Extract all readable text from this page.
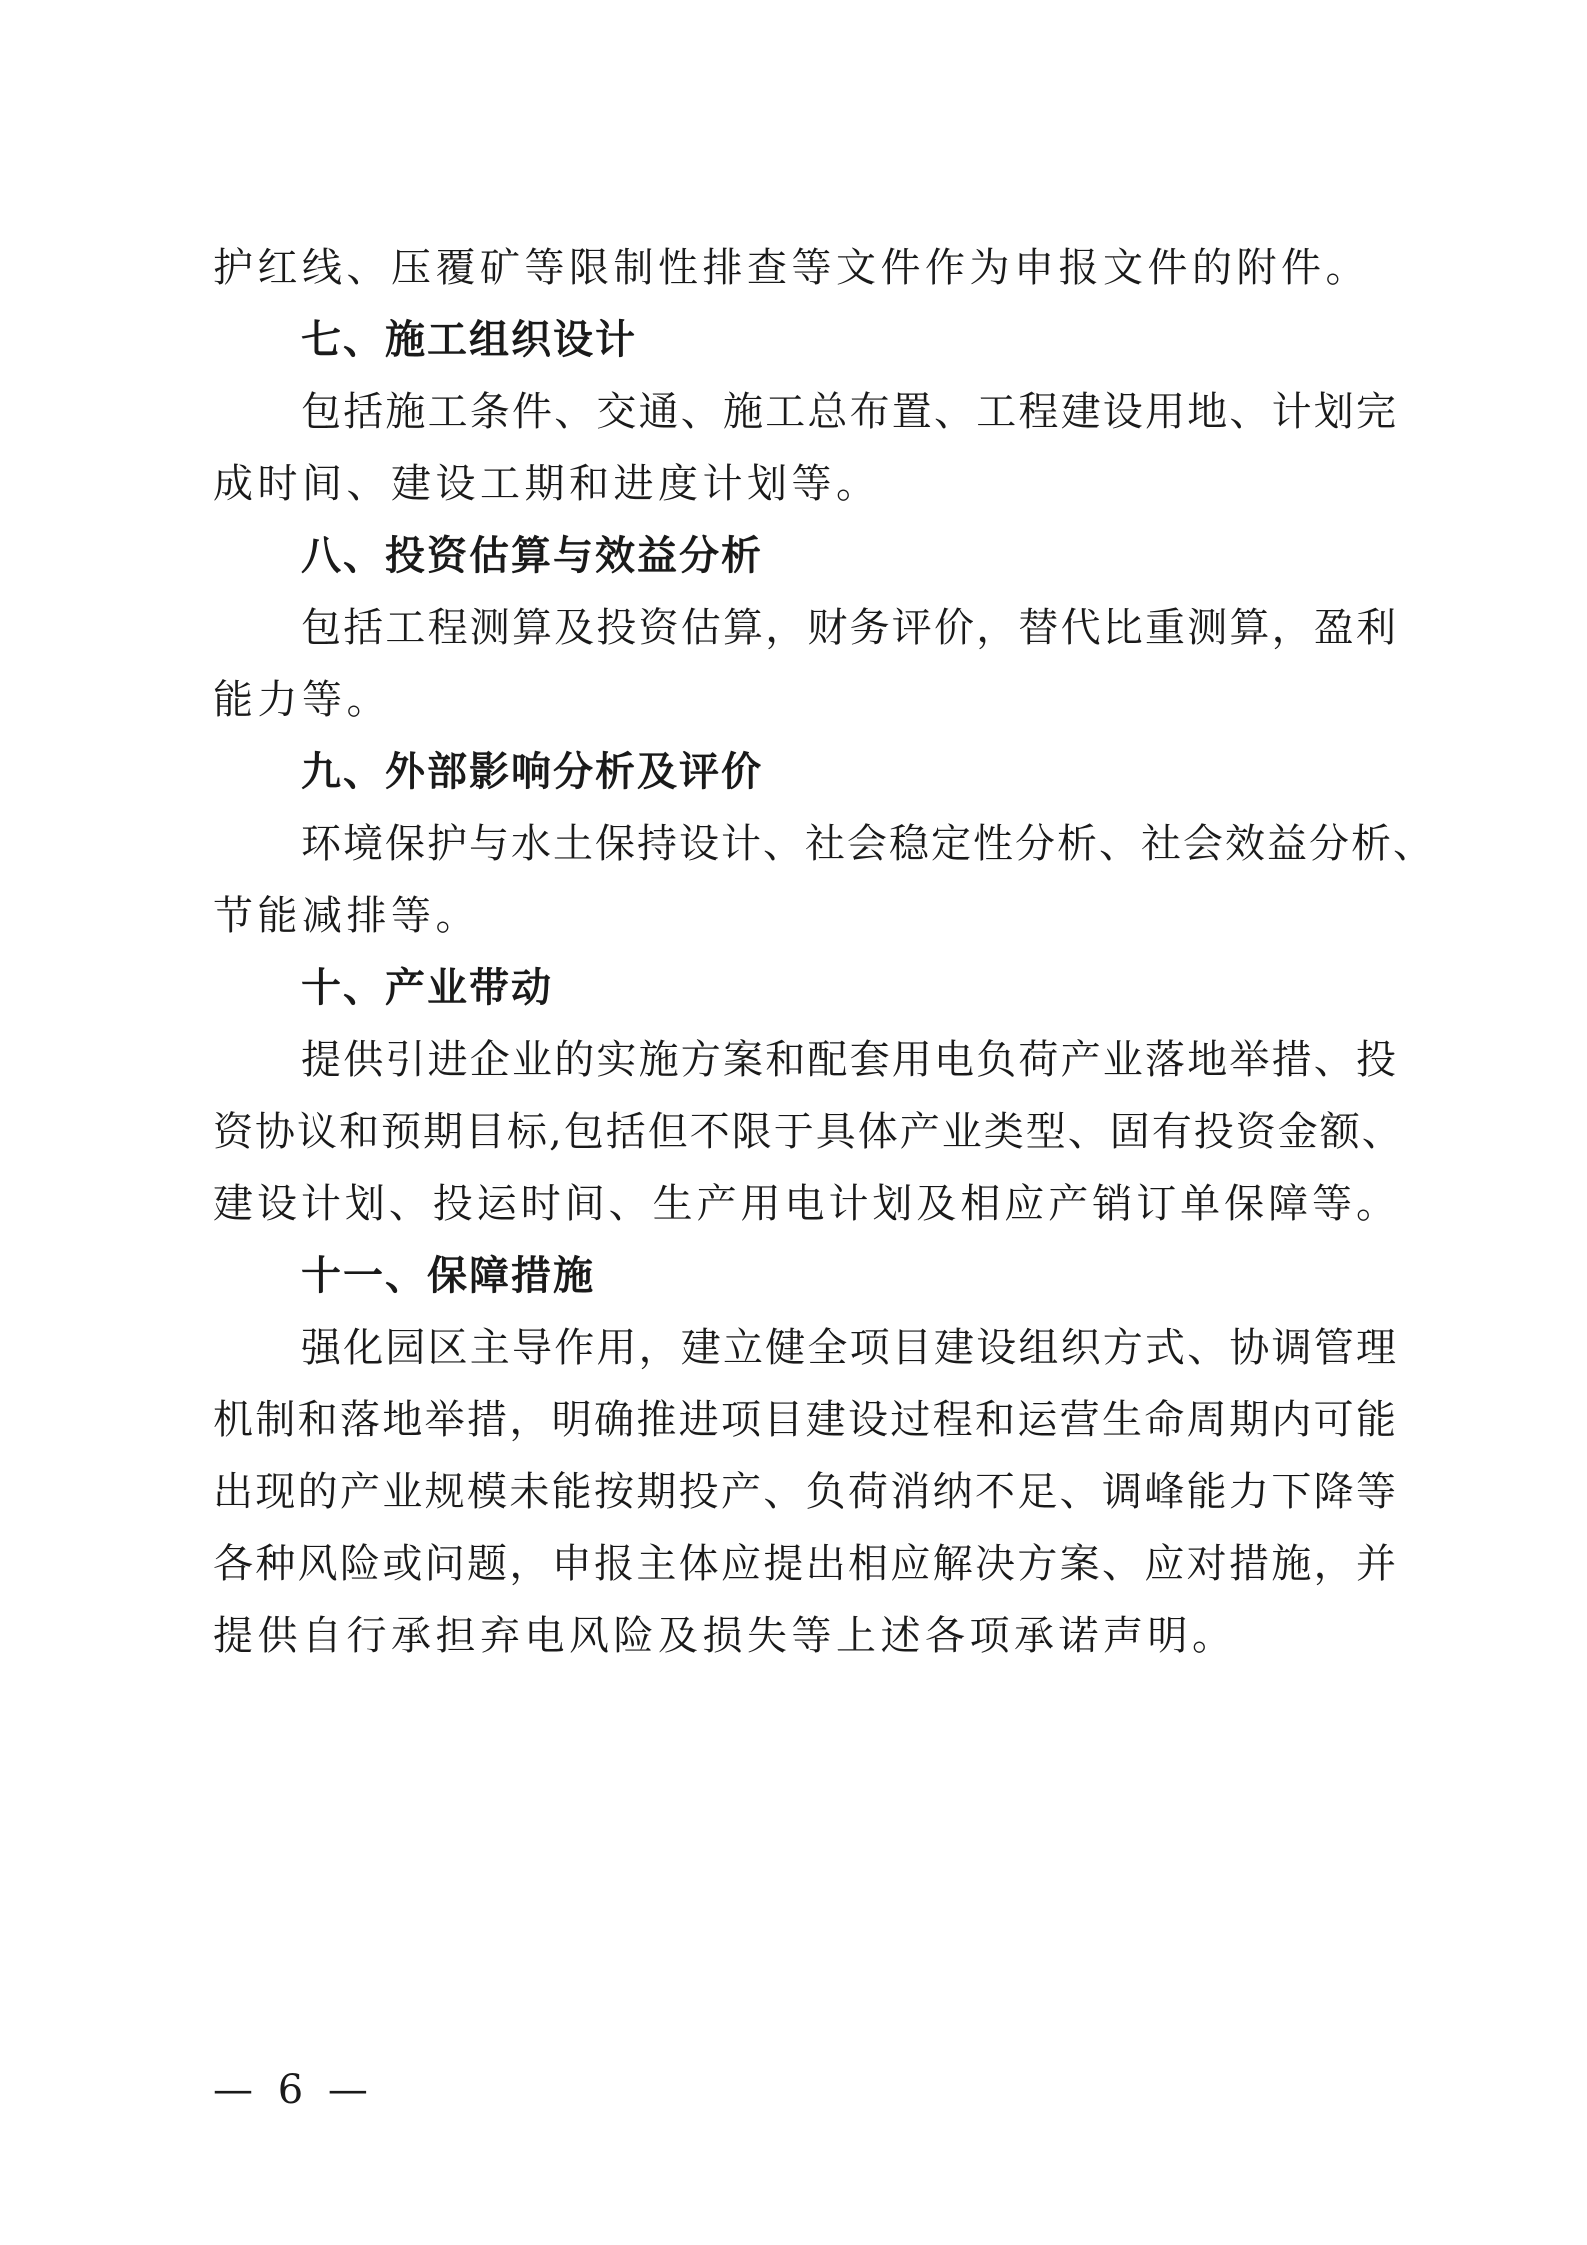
护红线、压覆矿等限制性排查等文件作为申报文件的附件。
七、施工组织设计
包括施工条件、交通、施工总布置、工程建设用地、计划完
成时间、建设工期和进度计划等。
八、投资估算与效益分析
包括工程测算及投资估算，财务评价，替代比重测算，盈利
能力等。
九、外部影响分析及评价
环境保护与水土保持设计、社会稳定性分析、社会效益分析、
节能减排等。
十、产业带动
提供引进企业的实施方案和配套用电负荷产业落地举措、投
资协议和预期目标,包括但不限于具体产业类型、固有投资金额、
建设计划、投运时间、生产用电计划及相应产销订单保障等。
十一、保障措施
强化园区主导作用，建立健全项目建设组织方式、协调管理
机制和落地举措，明确推进项目建设过程和运营生命周期内可能
出现的产业规模未能按期投产、负荷消纳不足、调峰能力下降等
各种风险或问题，申报主体应提出相应解决方案、应对措施，并
提供自行承担弃电风险及损失等上述各项承诺声明。
— 6 —
